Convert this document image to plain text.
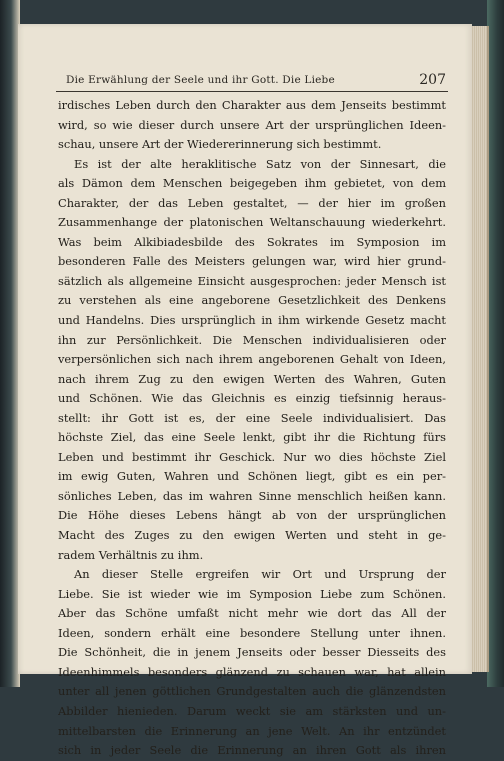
Die Erwählung der Seele und ihr Gott. Die Liebe	207
irdisches Leben durch den Charakter aus dem Jenseits bestimmt
wird, so wie dieser durch unsere Art der ursprünglichen Ideen-
schau, unsere Art der Wiedererinnerung sich bestimmt.
Es ist der alte heraklitische Satz von der Sinnesart, die
als Dämon dem Menschen beigegeben ihm gebietet, von dem
Charakter, der das Leben gestaltet, — der hier im großen
Zusammenhange der platonischen Weltanschauung wiederkehrt.
Was beim Alkibiadesbilde des Sokrates im Symposion im
besonderen Falle des Meisters gelungen war, wird hier grund-
sätzlich als allgemeine Einsicht ausgesprochen: jeder Mensch ist
zu verstehen als eine angeborene Gesetzlichkeit des Denkens
und Handelns. Dies ursprünglich in ihm wirkende Gesetz macht
ihn zur Persönlichkeit. Die Menschen individualisieren oder
verpersönlichen sich nach ihrem angeborenen Gehalt von Ideen,
nach ihrem Zug zu den ewigen Werten des Wahren, Guten
und Schönen. Wie das Gleichnis es einzig tiefsinnig heraus-
stellt: ihr Gott ist es, der eine Seele individualisiert. Das
höchste Ziel, das eine Seele lenkt, gibt ihr die Richtung fürs
Leben und bestimmt ihr Geschick. Nur wo dies höchste Ziel
im ewig Guten, Wahren und Schönen liegt, gibt es ein per-
sönliches Leben, das im wahren Sinne menschlich heißen kann.
Die Höhe dieses Lebens hängt ab von der ursprünglichen
Macht des Zuges zu den ewigen Werten und steht in ge-
radem Verhältnis zu ihm.
An dieser Stelle ergreifen wir Ort und Ursprung der
Liebe. Sie ist wieder wie im Symposion Liebe zum Schönen.
Aber das Schöne umfaßt nicht mehr wie dort das All der
Ideen, sondern erhält eine besondere Stellung unter ihnen.
Die Schönheit, die in jenem Jenseits oder besser Diesseits des
Ideenhimmels besonders glänzend zu schauen war, hat allein
unter all jenen göttlichen Grundgestalten auch die glänzendsten
Abbilder hienieden. Darum weckt sie am stärksten und un-
mittelbarsten die Erinnerung an jene Welt. An ihr entzündet
sich in jeder Seele die Erinnerung an ihren Gott als ihren
